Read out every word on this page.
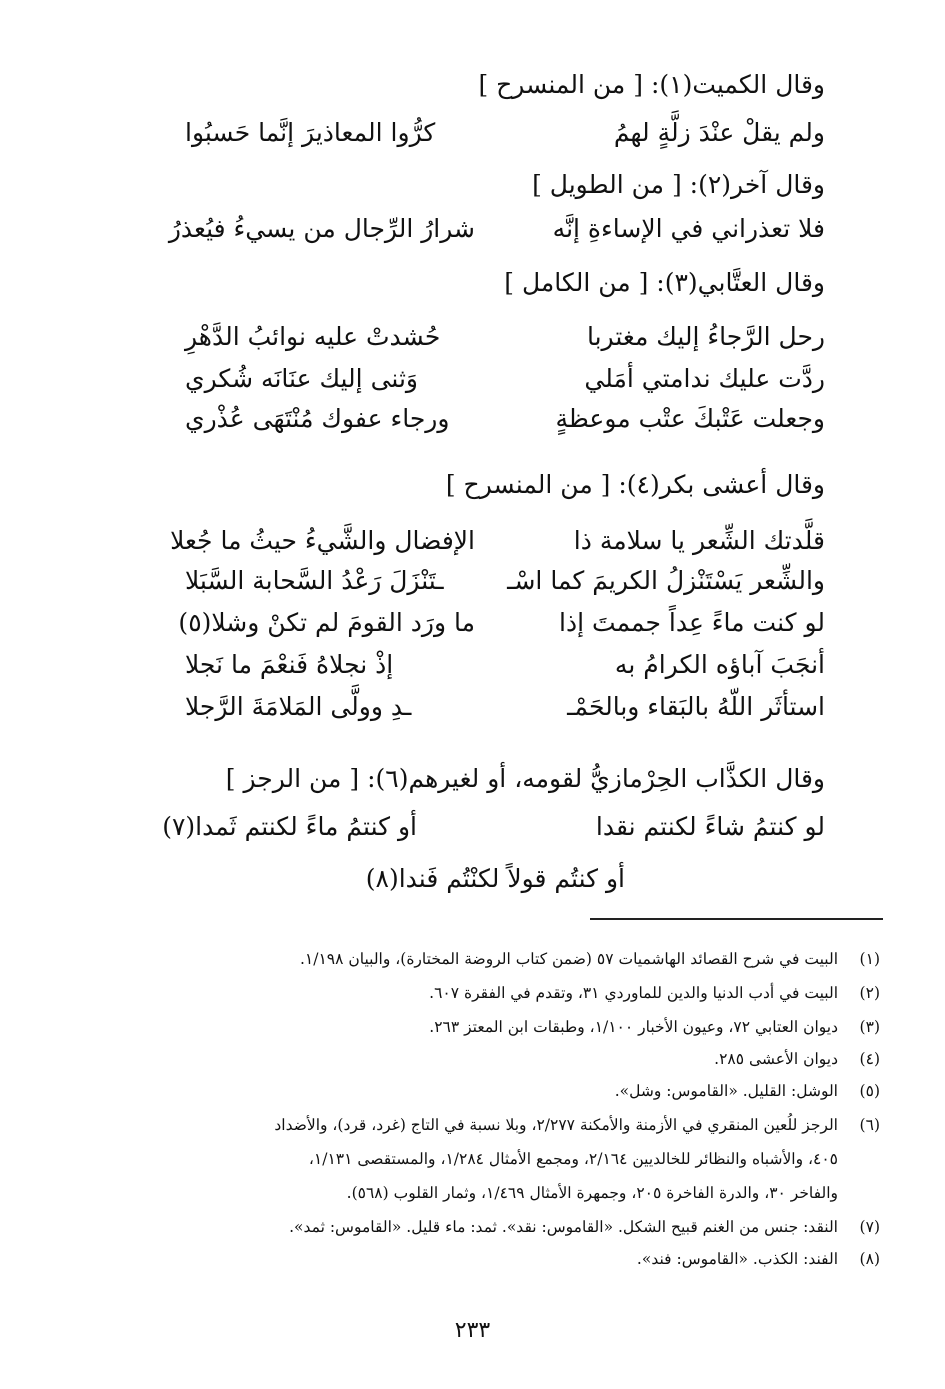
وقال الكميت(١): [ من المنسرح ]
ولم يقلْ عنْدَ زلَّةٍ لهمُ
كرُّوا المعاذيرَ إنَّما حَسبُوا
وقال آخر(٢): [ من الطويل ]
فلا تعذراني في الإساءةِ إنَّه
شرارُ الرِّجال من يسيءُ فيُعذرُ
وقال العتَّابي(٣): [ من الكامل ]
رحل الرَّجاءُ إليك مغتربا
حُشدتْ عليه نوائبُ الدَّهْرِ
ردَّت عليك ندامتي أمَلي
وَثنى إليك عنَانَه شُكري
وجعلت عَتْبكَ عتْب موعظةٍ
ورجاء عفوك مُنْتَهَى عُذْري
وقال أعشى بكر(٤): [ من المنسرح ]
قلَّدتك الشِّعر يا سلامة ذا
الإفضال والشَّيءُ حيثُ ما جُعلا
والشِّعر يَسْتَنْزلُ الكريمَ كما اسْـ
ـتَنْزَلَ رَعْدُ السَّحابة السَّبَلا
لو كنت ماءً عِداً جممتَ إذا
ما ورَد القومَ لم تكنْ وشلا(٥)
أنجَبَ آباؤه الكرامُ به
إذْ نجلاهُ فَنعْمَ ما نَجلا
استأثَر اللّهُ بالبَقاء وبالحَمْـ
ـدِ وولَّى المَلامَةَ الرَّجلا
وقال الكذَّاب الحِرْمازيُّ لقومه، أو لغيرهم(٦): [ من الرجز ]
لو كنتمُ شاءً لكنتم نقدا
أو كنتمُ ماءً لكنتم ثَمدا(٧)
أو كنتُم قولاً لكنْتُم فَندا(٨)
(١)البيت في شرح القصائد الهاشميات ٥٧ (ضمن كتاب الروضة المختارة)، والبيان ١/١٩٨.
(٢)البيت في أدب الدنيا والدين للماوردي ٣١، وتقدم في الفقرة ٦٠٧.
(٣)ديوان العتابي ٧٢، وعيون الأخبار ١/١٠٠، وطبقات ابن المعتز ٢٦٣.
(٤)ديوان الأعشى ٢٨٥.
(٥)الوشل: القليل. «القاموس: وشل».
(٦)الرجز للُعين المنقري في الأزمنة والأمكنة ٢/٢٧٧، وبلا نسبة في التاج (غرد، قرد)، والأضداد
٤٠٥، والأشباه والنظائر للخالديين ٢/١٦٤، ومجمع الأمثال ١/٢٨٤، والمستقصى ١/١٣١،
والفاخر ٣٠، والدرة الفاخرة ٢٠٥، وجمهرة الأمثال ١/٤٦٩، وثمار القلوب (٥٦٨).
(٧)النقد: جنس من الغنم قبيح الشكل. «القاموس: نقد». ثمد: ماء قليل. «القاموس: ثمد».
(٨)الفند: الكذب. «القاموس: فند».
٢٣٣
